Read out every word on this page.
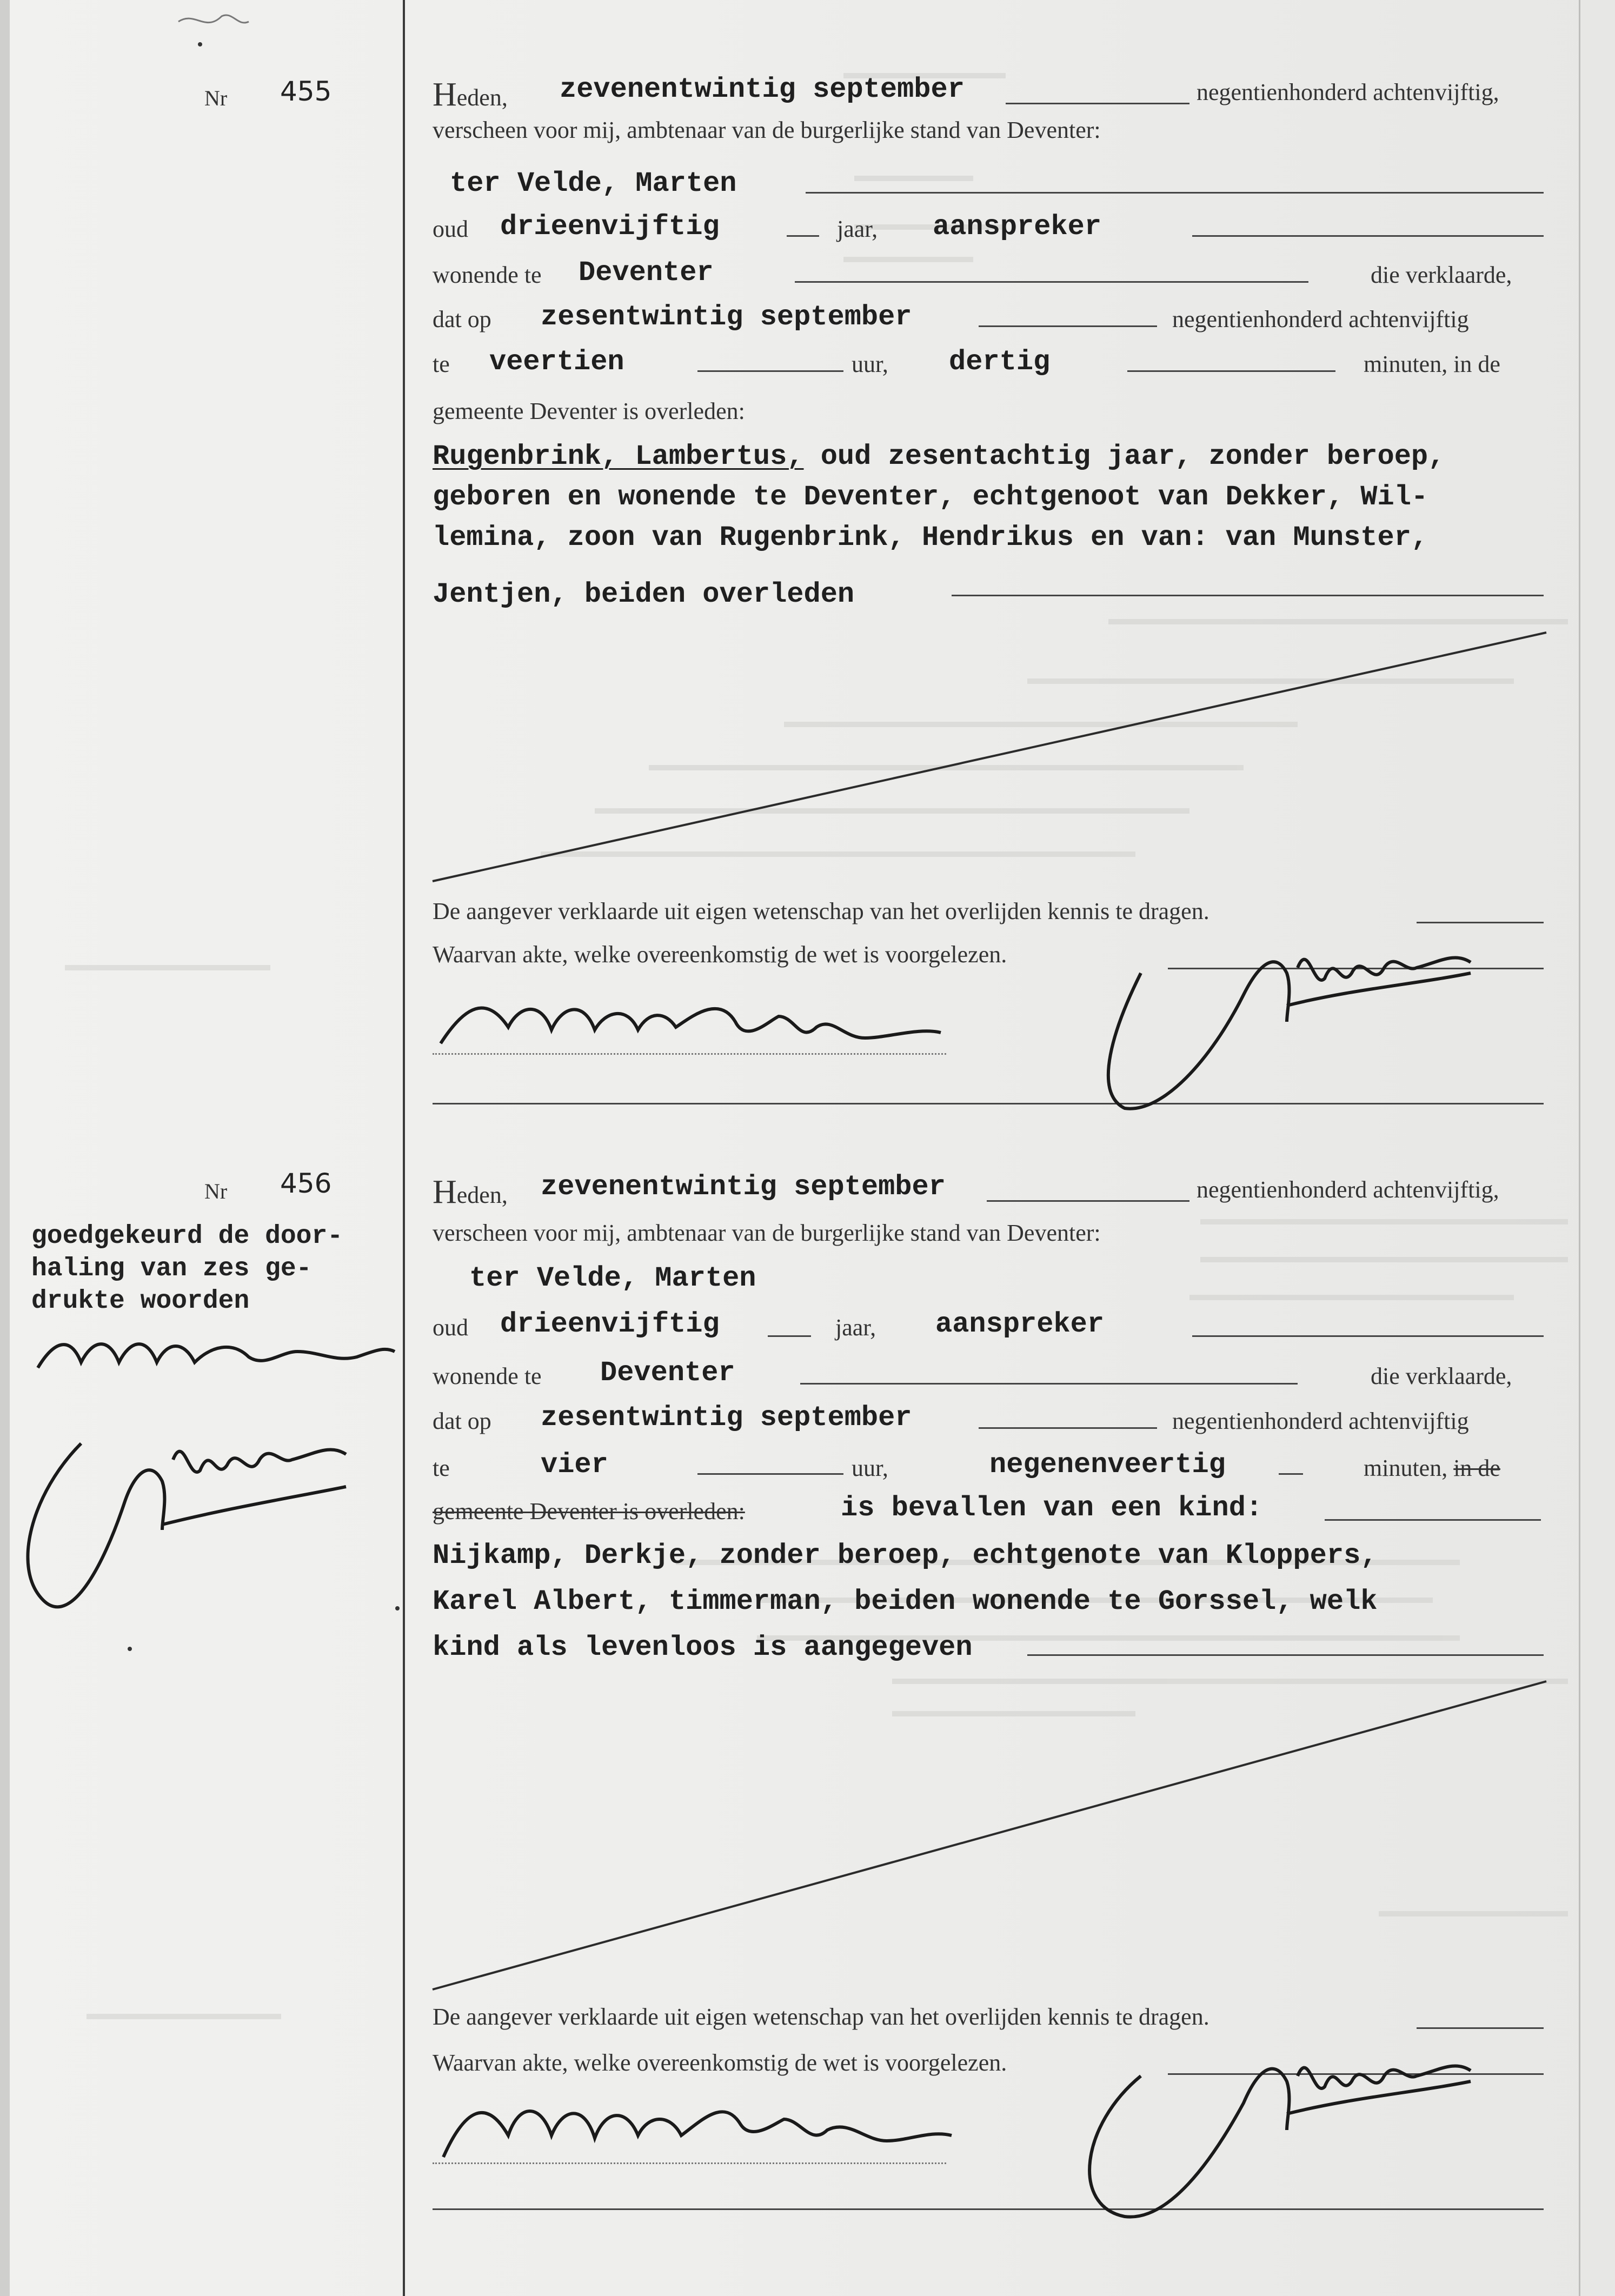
Nr 455	Heden, zevenentwintig september	negentienhonderd achtenvijftig,
verscheen voor mij, ambtenaar van de burgerlijke stand van Deventer:
ter Velde, Marten
oud drieenvijftig	jaar, aanspreker
wonende te Deventer	die verklaarde,
dat op zesentwintig september	negentienhonderd achtenvijftig
te veertien	uur, dertig	minuten, in de
gemeente Deventer is overleden:
Rugenbrink, Lambertus, oud zesentachtig jaar, zonder beroep,
geboren en wonende te Deventer, echtgenoot van Dekker, Wil-
lemina, zoon van Rugenbrink, Hendrikus en van: van Munster,
Jentjen, beiden overleden
De aangever verklaarde uit eigen wetenschap van het overlijden kennis te dragen.
Waarvan akte, welke overeenkomstig de wet is voorgelezen.
Nr 456	Heden, zevenentwintig september	negentienhonderd achtenvijftig,
verscheen voor mij, ambtenaar van de burgerlijke stand van Deventer:
ter Velde, Marten
oud drieenvijftig	jaar, aanspreker
wonende te Deventer	die verklaarde,
dat op zesentwintig september	negentienhonderd achtenvijftig
te	vier	uur,	negenenveertig	minuten, in de
gemeente Deventer is overleden:	is bevallen van een kind:
Nijkamp, Derkje, zonder beroep, echtgenote van Kloppers,
Karel Albert, timmerman, beiden wonende te Gorssel, welk
kind als levenloos is aangegeven
De aangever verklaarde uit eigen wetenschap van het overlijden kennis te dragen.
Waarvan akte, welke overeenkomstig de wet is voorgelezen.
goedgekeurd de door-
haling van zes ge-
drukte woorden
